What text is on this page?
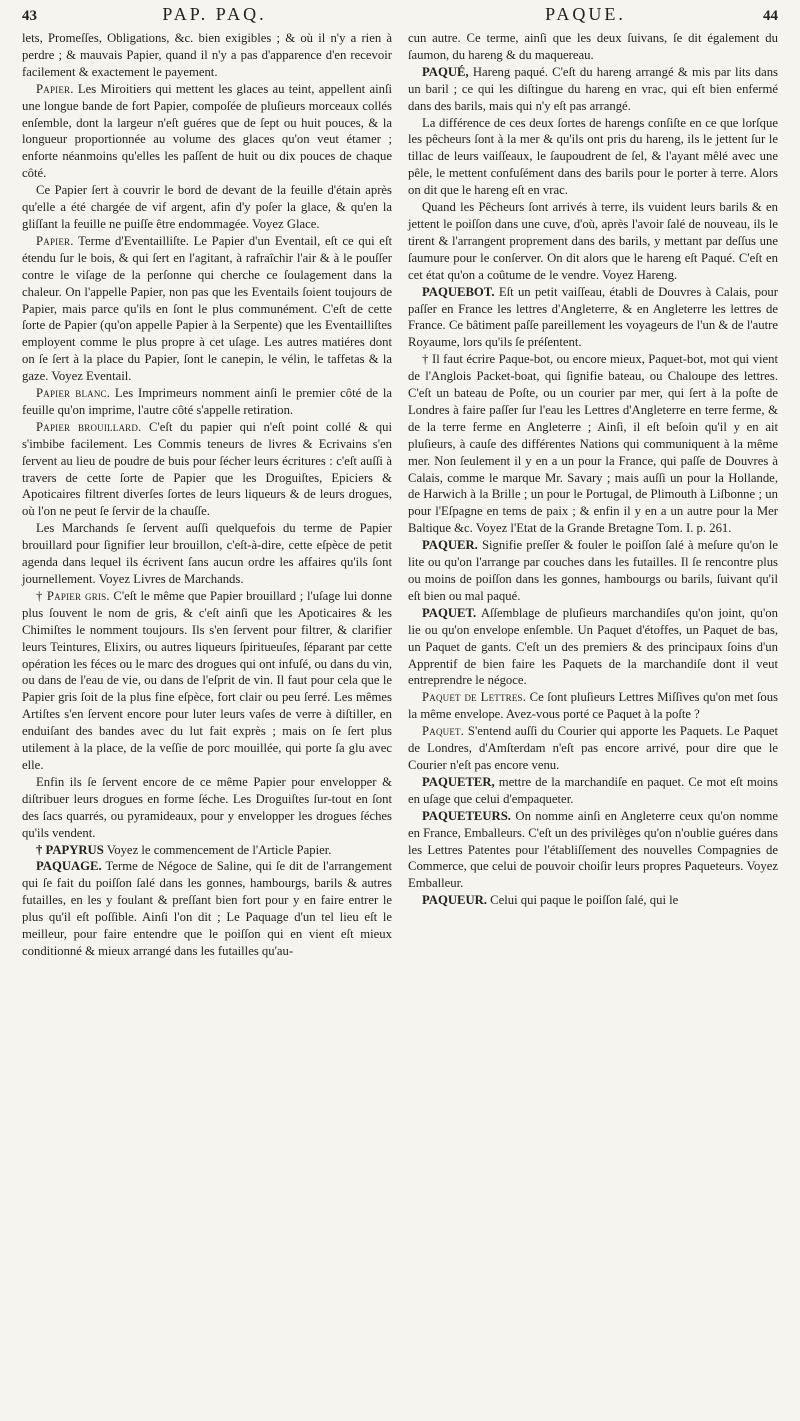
43	PAP. PAQ.	PAQUE.	44

lets, Promeſſes, Obligations, &c. bien exigibles ; & où il n'y a rien à perdre ; & mauvais Papier, quand il n'y a pas d'apparence d'en recevoir facilement & exactement le payement.

Papier. Les Miroitiers qui mettent les glaces au teint, appellent ainſi une longue bande de fort Papier, compoſée de pluſieurs morceaux collés enſemble, dont la largeur n'eſt guéres que de ſept ou huit pouces, & la longueur proportionnée au volume des glaces qu'on veut étamer ; enforte néanmoins qu'elles les paſſent de huit ou dix pouces de chaque côté.

Ce Papier ſert à couvrir le bord de devant de la feuille d'étain après qu'elle a été chargée de vif argent, afin d'y poſer la glace, & qu'en la gliſſant la feuille ne puiſſe être endommagée. Voyez Glace.

Papier. Terme d'Eventailliſte. Le Papier d'un Eventail, eſt ce qui eſt étendu ſur le bois, & qui ſert en l'agitant, à rafraîchir l'air & à le pouſſer contre le viſage de la perſonne qui cherche ce ſoulagement dans la chaleur. On l'appelle Papier, non pas que les Eventails ſoient toujours de Papier, mais parce qu'ils en ſont le plus communément. C'eſt de cette ſorte de Papier (qu'on appelle Papier à la Serpente) que les Eventailliſtes employent comme le plus propre à cet uſage. Les autres matiéres dont on ſe ſert à la place du Papier, ſont le canepin, le vélin, le taffetas & la gaze. Voyez Eventail.

Papier blanc. Les Imprimeurs nomment ainſi le premier côté de la feuille qu'on imprime, l'autre côté s'appelle retiration.

Papier brouillard. C'eſt du papier qui n'eſt point collé & qui s'imbibe facilement. Les Commis teneurs de livres & Ecrivains s'en ſervent au lieu de poudre de buis pour ſécher leurs écritures : c'eſt auſſi à travers de cette ſorte de Papier que les Droguiſtes, Epiciers & Apoticaires filtrent diverſes ſortes de leurs liqueurs & de leurs drogues, où l'on ne peut ſe ſervir de la chauſſe.

Les Marchands ſe ſervent auſſi quelquefois du terme de Papier brouillard pour ſignifier leur brouillon, c'eſt-à-dire, cette eſpèce de petit agenda dans lequel ils écrivent ſans aucun ordre les affaires qu'ils ſont journellement. Voyez Livres de Marchands.

† Papier gris. C'eſt le même que Papier brouillard ; l'uſage lui donne plus ſouvent le nom de gris, & c'eſt ainſi que les Apoticaires & les Chimiſtes le nomment toujours. Ils s'en ſervent pour filtrer, & clarifier leurs Teintures, Elixirs, ou autres liqueurs ſpiritueuſes, ſéparant par cette opération les féces ou le marc des drogues qui ont infuſé, ou dans du vin, ou dans de l'eau de vie, ou dans de l'eſprit de vin. Il faut pour cela que le Papier gris ſoit de la plus fine eſpèce, fort clair ou peu ſerré. Les mêmes Artiſtes s'en ſervent encore pour luter leurs vaſes de verre à diſtiller, en enduiſant des bandes avec du lut fait exprès ; mais on ſe ſert plus utilement à la place, de la veſſie de porc mouillée, qui porte ſa glu avec elle.

Enfin ils ſe ſervent encore de ce même Papier pour envelopper & diſtribuer leurs drogues en forme ſéche. Les Droguiſtes ſur-tout en ſont des ſacs quarrés, ou pyramideaux, pour y envelopper les drogues ſéches qu'ils vendent.

† PAPYRUS Voyez le commencement de l'Article Papier.

PAQUAGE. Terme de Négoce de Saline, qui ſe dit de l'arrangement qui ſe fait du poiſſon ſalé dans les gonnes, hambourgs, barils & autres futailles, en les y foulant & preſſant bien fort pour y en faire entrer le plus qu'il eſt poſſible. Ainſi l'on dit ; Le Paquage d'un tel lieu eſt le meilleur, pour faire entendre que le poiſſon qui en vient eſt mieux conditionné & mieux arrangé dans les futailles qu'au-

cun autre. Ce terme, ainſi que les deux ſuivans, ſe dit également du ſaumon, du hareng & du maquereau.

PAQUÉ, Hareng paqué. C'eſt du hareng arrangé & mis par lits dans un baril ; ce qui les diſtingue du hareng en vrac, qui eſt bien enfermé dans des barils, mais qui n'y eſt pas arrangé.

La différence de ces deux ſortes de harengs conſiſte en ce que lorſque les pêcheurs ſont à la mer & qu'ils ont pris du hareng, ils le jettent ſur le tillac de leurs vaiſſeaux, le ſaupoudrent de ſel, & l'ayant mêlé avec une pêle, le mettent confuſément dans des barils pour le porter à terre. Alors on dit que le hareng eſt en vrac.

Quand les Pêcheurs ſont arrivés à terre, ils vuident leurs barils & en jettent le poiſſon dans une cuve, d'où, après l'avoir ſalé de nouveau, ils le tirent & l'arrangent proprement dans des barils, y mettant par deſſus une ſaumure pour le conſerver. On dit alors que le hareng eſt Paqué. C'eſt en cet état qu'on a coûtume de le vendre. Voyez Hareng.

PAQUEBOT. Eſt un petit vaiſſeau, établi de Douvres à Calais, pour paſſer en France les lettres d'Angleterre, & en Angleterre les lettres de France. Ce bâtiment paſſe pareillement les voyageurs de l'un & de l'autre Royaume, lors qu'ils ſe préſentent.

† Il faut écrire Paque-bot, ou encore mieux, Paquet-bot, mot qui vient de l'Anglois Packet-boat, qui ſignifie bateau, ou Chaloupe des lettres. C'eſt un bateau de Poſte, ou un courier par mer, qui ſert à la poſte de Londres à faire paſſer ſur l'eau les Lettres d'Angleterre en terre ferme, & de la terre ferme en Angleterre ; Ainſi, il eſt beſoin qu'il y en ait pluſieurs, à cauſe des différentes Nations qui communiquent à la même mer. Non ſeulement il y en a un pour la France, qui paſſe de Douvres à Calais, comme le marque Mr. Savary ; mais auſſi un pour la Hollande, de Harwich à la Brille ; un pour le Portugal, de Plimouth à Liſbonne ; un pour l'Eſpagne en tems de paix ; & enfin il y en a un autre pour la Mer Baltique &c. Voyez l'Etat de la Grande Bretagne Tom. I. p. 261.

PAQUER. Signifie preſſer & fouler le poiſſon ſalé à meſure qu'on le lite ou qu'on l'arrange par couches dans les futailles. Il ſe rencontre plus ou moins de poiſſon dans les gonnes, hambourgs ou barils, ſuivant qu'il eſt bien ou mal paqué.

PAQUET. Aſſemblage de pluſieurs marchandiſes qu'on joint, qu'on lie ou qu'on envelope enſemble. Un Paquet d'étoffes, un Paquet de bas, un Paquet de gants. C'eſt un des premiers & des principaux ſoins d'un Apprentif de bien faire les Paquets de la marchandiſe dont il veut entreprendre le négoce.

Paquet de Lettres. Ce ſont pluſieurs Lettres Miſſives qu'on met ſous la même envelope. Avez-vous porté ce Paquet à la poſte ?

Paquet. S'entend auſſi du Courier qui apporte les Paquets. Le Paquet de Londres, d'Amſterdam n'eſt pas encore arrivé, pour dire que le Courier n'eſt pas encore venu.

PAQUETER, mettre de la marchandiſe en paquet. Ce mot eſt moins en uſage que celui d'empaqueter.

PAQUETEURS. On nomme ainſi en Angleterre ceux qu'on nomme en France, Emballeurs. C'eſt un des privilèges qu'on n'oublie guéres dans les Lettres Patentes pour l'établiſſement des nouvelles Compagnies de Commerce, que celui de pouvoir choiſir leurs propres Paqueteurs. Voyez Emballeur.

PAQUEUR. Celui qui paque le poiſſon ſalé, qui le
